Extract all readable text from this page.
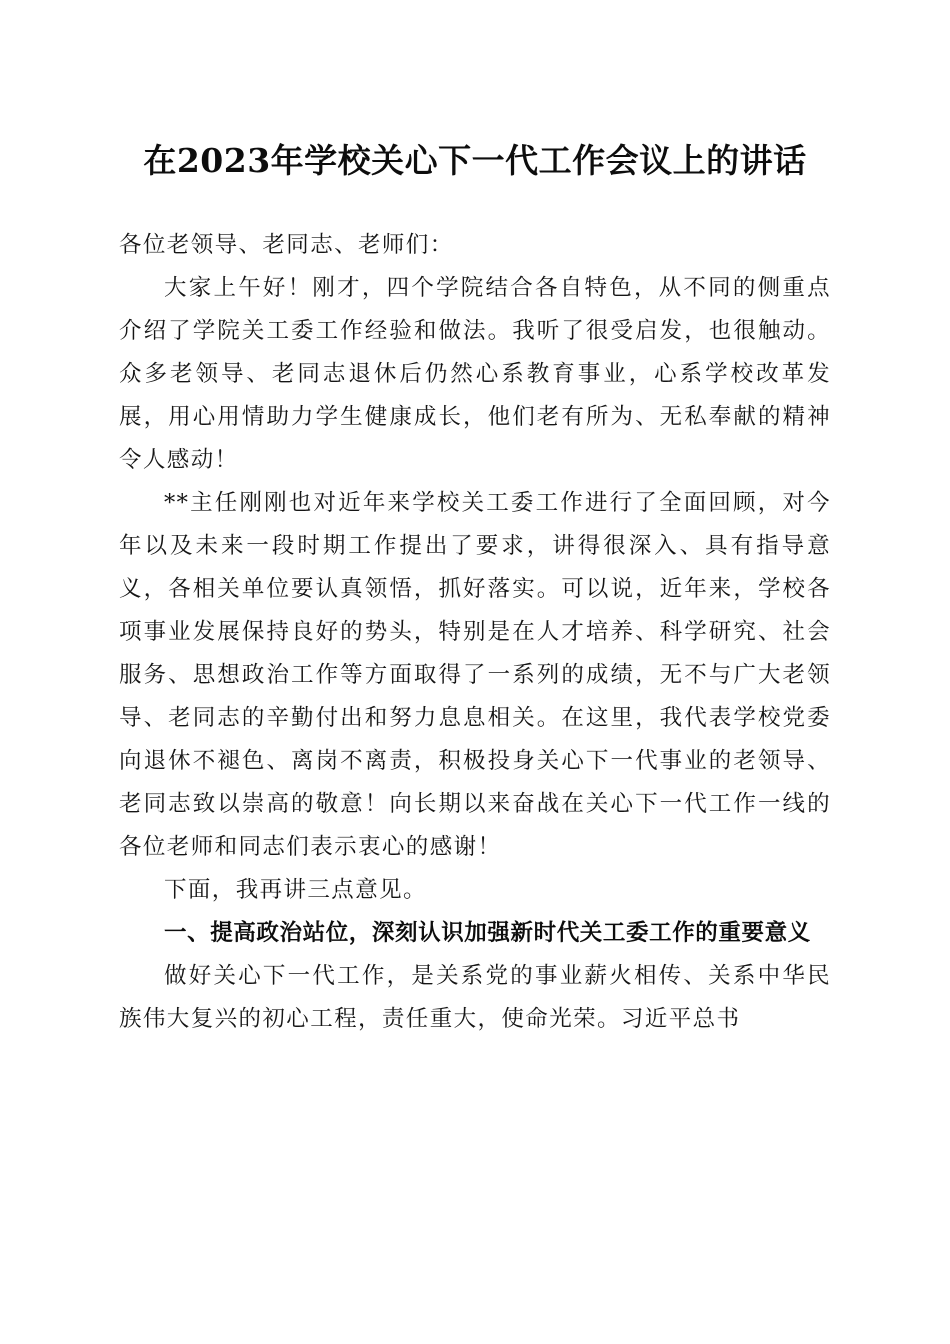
在2023年学校关心下一代工作会议上的讲话

各位老领导、老同志、老师们：

大家上午好！刚才，四个学院结合各自特色，从不同的侧重点介绍了学院关工委工作经验和做法。我听了很受启发，也很触动。众多老领导、老同志退休后仍然心系教育事业，心系学校改革发展，用心用情助力学生健康成长，他们老有所为、无私奉献的精神令人感动！

**主任刚刚也对近年来学校关工委工作进行了全面回顾，对今年以及未来一段时期工作提出了要求，讲得很深入、具有指导意义，各相关单位要认真领悟，抓好落实。可以说，近年来，学校各项事业发展保持良好的势头，特别是在人才培养、科学研究、社会服务、思想政治工作等方面取得了一系列的成绩，无不与广大老领导、老同志的辛勤付出和努力息息相关。在这里，我代表学校党委向退休不褪色、离岗不离责，积极投身关心下一代事业的老领导、老同志致以崇高的敬意！向长期以来奋战在关心下一代工作一线的各位老师和同志们表示衷心的感谢！

下面，我再讲三点意见。

一、提高政治站位，深刻认识加强新时代关工委工作的重要意义

做好关心下一代工作，是关系党的事业薪火相传、关系中华民族伟大复兴的初心工程，责任重大，使命光荣。习近平总书
